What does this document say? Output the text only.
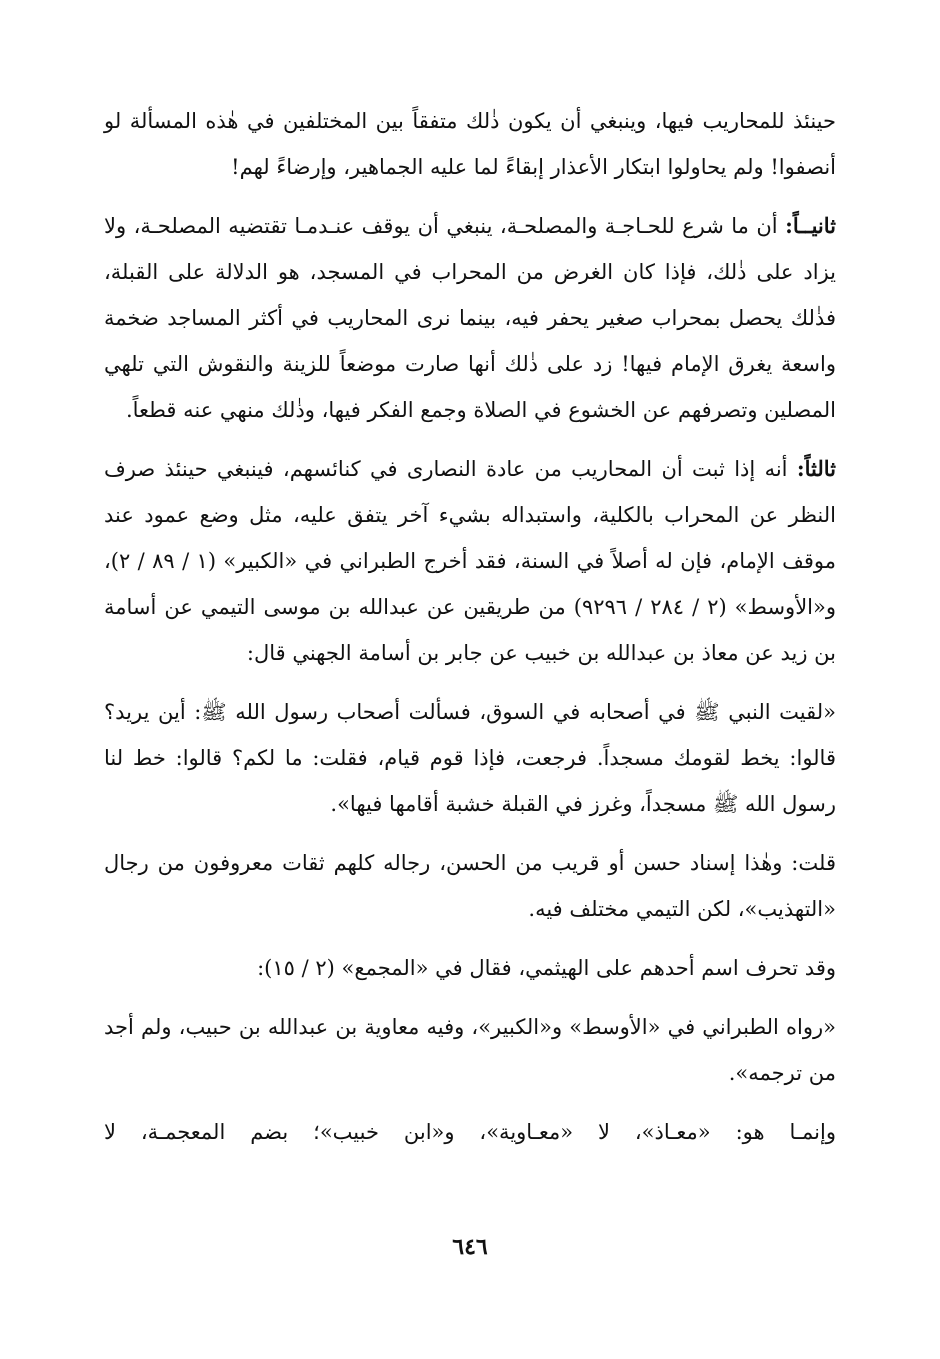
حينئذ للمحاريب فيها، وينبغي أن يكون ذٰلك متفقاً بين المختلفين في هٰذه المسألة لو أنصفوا! ولم يحاولوا ابتكار الأعذار إبقاءً لما عليه الجماهير، وإرضاءً لهم!

ثانيــاً: أن ما شرع للحـاجـة والمصلحـة، ينبغي أن يوقف عنـدمـا تقتضيه المصلحـة، ولا يزاد على ذٰلك، فإذا كان الغرض من المحراب في المسجد، هو الدلالة على القبلة، فذٰلك يحصل بمحراب صغير يحفر فيه، بينما نرى المحاريب في أكثر المساجد ضخمة واسعة يغرق الإمام فيها! زد على ذٰلك أنها صارت موضعاً للزينة والنقوش التي تلهي المصلين وتصرفهم عن الخشوع في الصلاة وجمع الفكر فيها، وذٰلك منهي عنه قطعاً.

ثالثاً: أنه إذا ثبت أن المحاريب من عادة النصارى في كنائسهم، فينبغي حينئذ صرف النظر عن المحراب بالكلية، واستبداله بشيء آخر يتفق عليه، مثل وضع عمود عند موقف الإمام، فإن له أصلاً في السنة، فقد أخرج الطبراني في «الكبير» (١ / ٨٩ / ٢)، و«الأوسط» (٢ / ٢٨٤ / ٩٢٩٦) من طريقين عن عبدالله بن موسى التيمي عن أسامة بن زيد عن معاذ بن عبدالله بن خبيب عن جابر بن أسامة الجهني قال:

«لقيت النبي ﷺ في أصحابه في السوق، فسألت أصحاب رسول الله ﷺ: أين يريد؟ قالوا: يخط لقومك مسجداً. فرجعت، فإذا قوم قيام، فقلت: ما لكم؟ قالوا: خط لنا رسول الله ﷺ مسجداً، وغرز في القبلة خشبة أقامها فيها».

قلت: وهٰذا إسناد حسن أو قريب من الحسن، رجاله كلهم ثقات معروفون من رجال «التهذيب»، لكن التيمي مختلف فيه.

وقد تحرف اسم أحدهم على الهيثمي، فقال في «المجمع» (٢ / ١٥):

«رواه الطبراني في «الأوسط» و«الكبير»، وفيه معاوية بن عبدالله بن حبيب، ولم أجد من ترجمه».

وإنمـا هو: «معـاذ»، لا «معـاوية»، و«ابن خبيب»؛ بضم المعجمـة، لا

٦٤٦
